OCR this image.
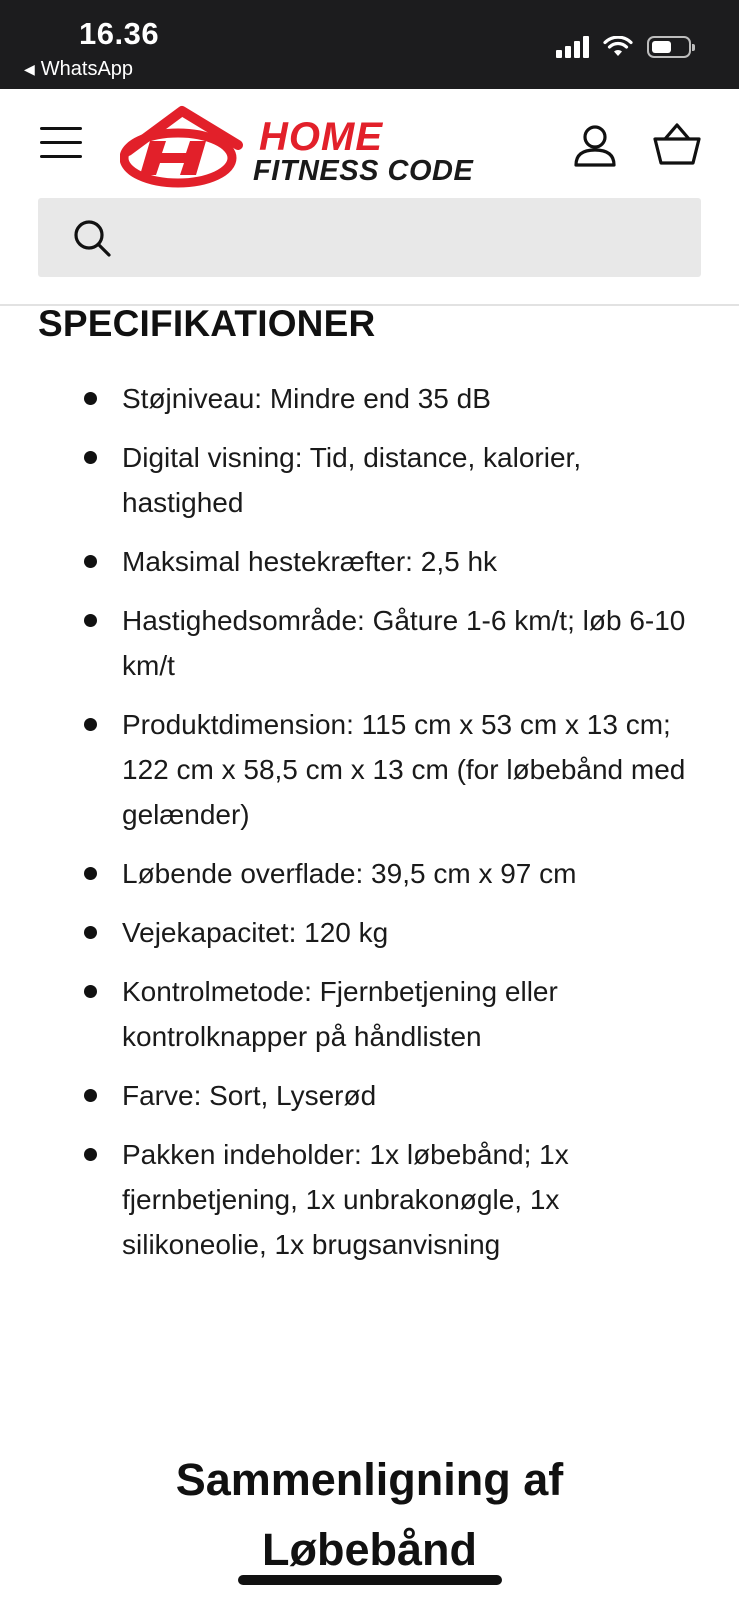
16.36
◀ WhatsApp
HOME
FITNESS CODE
SPECIFIKATIONER
Støjniveau: Mindre end 35 dB
Digital visning: Tid, distance, kalorier, hastighed
Maksimal hestekræfter: 2,5 hk
Hastighedsområde: Gåture 1-6 km/t; løb 6-10 km/t
Produktdimension: 115 cm x 53 cm x 13 cm; 122 cm x 58,5 cm x 13 cm (for løbebånd med gelænder)
Løbende overflade: 39,5 cm x 97 cm
Vejekapacitet: 120 kg
Kontrolmetode: Fjernbetjening eller kontrolknapper på håndlisten
Farve: Sort, Lyserød
Pakken indeholder: 1x løbebånd; 1x fjernbetjening, 1x unbrakonøgle, 1x silikoneolie, 1x brugsanvisning
Sammenligning af
Løbebånd
